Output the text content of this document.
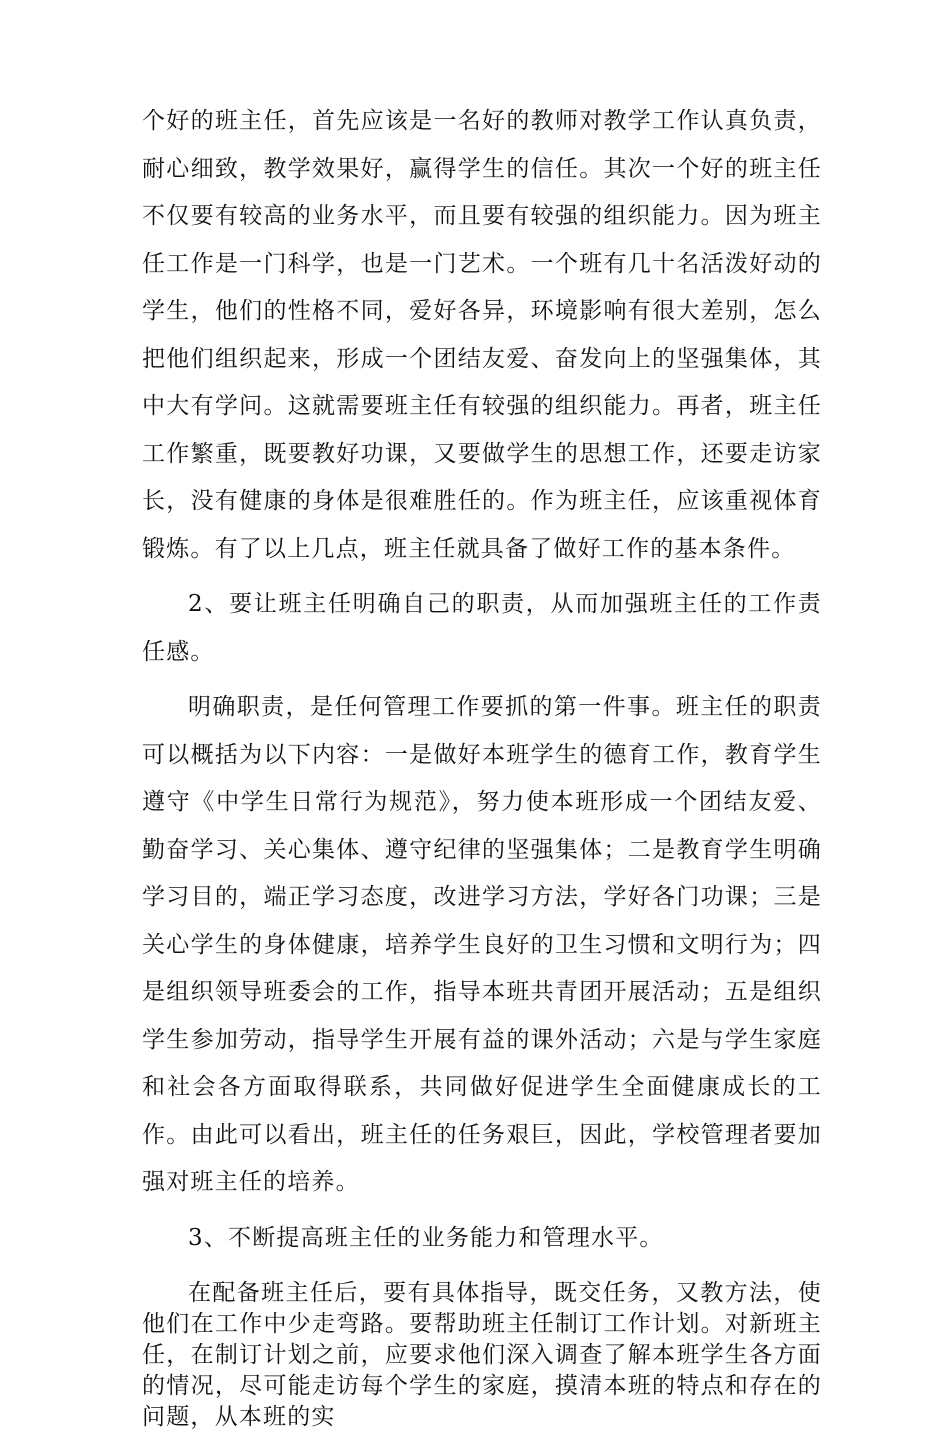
个好的班主任，首先应该是一名好的教师对教学工作认真负责，耐心细致，教学效果好，赢得学生的信任。其次一个好的班主任不仅要有较高的业务水平，而且要有较强的组织能力。因为班主任工作是一门科学，也是一门艺术。一个班有几十名活泼好动的学生，他们的性格不同，爱好各异，环境影响有很大差别，怎么把他们组织起来，形成一个团结友爱、奋发向上的坚强集体，其中大有学问。这就需要班主任有较强的组织能力。再者，班主任工作繁重，既要教好功课，又要做学生的思想工作，还要走访家长，没有健康的身体是很难胜任的。作为班主任，应该重视体育锻炼。有了以上几点，班主任就具备了做好工作的基本条件。

2、要让班主任明确自己的职责，从而加强班主任的工作责任感。

明确职责，是任何管理工作要抓的第一件事。班主任的职责可以概括为以下内容：一是做好本班学生的德育工作，教育学生遵守《中学生日常行为规范》，努力使本班形成一个团结友爱、勤奋学习、关心集体、遵守纪律的坚强集体；二是教育学生明确学习目的，端正学习态度，改进学习方法，学好各门功课；三是关心学生的身体健康，培养学生良好的卫生习惯和文明行为；四是组织领导班委会的工作，指导本班共青团开展活动；五是组织学生参加劳动，指导学生开展有益的课外活动；六是与学生家庭和社会各方面取得联系，共同做好促进学生全面健康成长的工作。由此可以看出，班主任的任务艰巨，因此，学校管理者要加强对班主任的培养。

3、不断提高班主任的业务能力和管理水平。

在配备班主任后，要有具体指导，既交任务，又教方法，使他们在工作中少走弯路。要帮助班主任制订工作计划。对新班主任，在制订计划之前，应要求他们深入调查了解本班学生各方面的情况，尽可能走访每个学生的家庭，摸清本班的特点和存在的问题，从本班的实
